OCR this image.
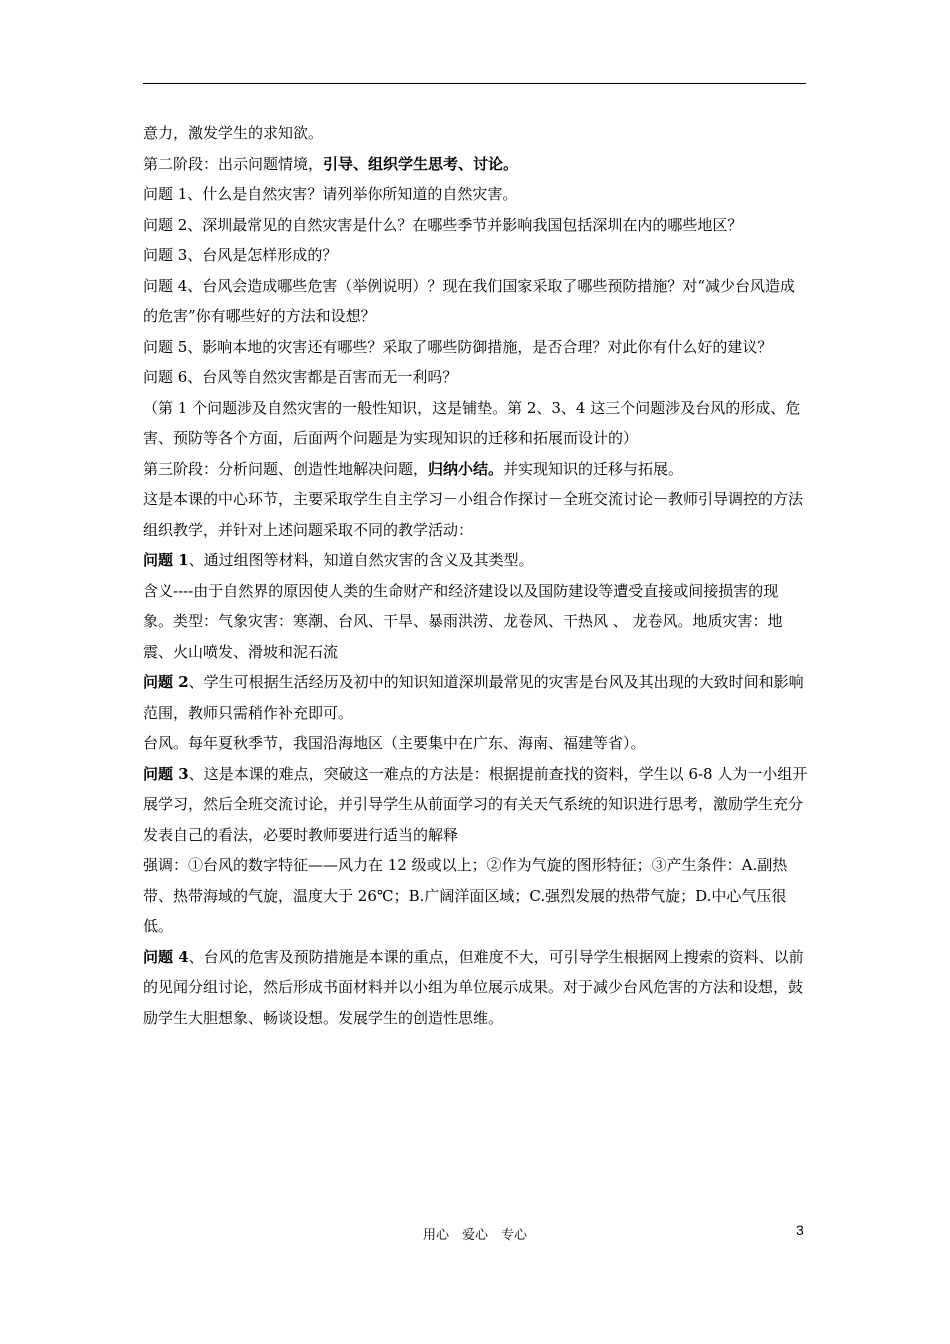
意力，激发学生的求知欲。

第二阶段：出示问题情境，引导、组织学生思考、讨论。

问题 1、什么是自然灾害？请列举你所知道的自然灾害。

问题 2、深圳最常见的自然灾害是什么？在哪些季节并影响我国包括深圳在内的哪些地区？

问题 3、台风是怎样形成的？

问题 4、台风会造成哪些危害（举例说明）？现在我们国家采取了哪些预防措施？对“减少台风造成的危害”你有哪些好的方法和设想？

问题 5、影响本地的灾害还有哪些？采取了哪些防御措施，是否合理？对此你有什么好的建议？

问题 6、台风等自然灾害都是百害而无一利吗？

（第 1 个问题涉及自然灾害的一般性知识，这是铺垫。第 2、3、4 这三个问题涉及台风的形成、危害、预防等各个方面，后面两个问题是为实现知识的迁移和拓展而设计的）

第三阶段：分析问题、创造性地解决问题，归纳小结。并实现知识的迁移与拓展。

这是本课的中心环节，主要采取学生自主学习－小组合作探讨－全班交流讨论－教师引导调控的方法组织教学，并针对上述问题采取不同的教学活动：

问题 1、通过组图等材料，知道自然灾害的含义及其类型。

含义----由于自然界的原因使人类的生命财产和经济建设以及国防建设等遭受直接或间接损害的现象。类型：气象灾害：寒潮、台风、干旱、暴雨洪涝、龙卷风、干热风 、 龙卷风。地质灾害：地震、火山喷发、滑坡和泥石流

问题 2、学生可根据生活经历及初中的知识知道深圳最常见的灾害是台风及其出现的大致时间和影响范围，教师只需稍作补充即可。

台风。每年夏秋季节，我国沿海地区（主要集中在广东、海南、福建等省）。

问题 3、这是本课的难点，突破这一难点的方法是：根据提前查找的资料，学生以 6-8 人为一小组开展学习，然后全班交流讨论，并引导学生从前面学习的有关天气系统的知识进行思考，激励学生充分发表自己的看法，必要时教师要进行适当的解释

强调：①台风的数字特征——风力在 12 级或以上；②作为气旋的图形特征；③产生条件：A.副热带、热带海域的气旋，温度大于 26℃；B.广阔洋面区域；C.强烈发展的热带气旋；D.中心气压很低。

问题 4、台风的危害及预防措施是本课的重点，但难度不大，可引导学生根据网上搜索的资料、以前的见闻分组讨论，然后形成书面材料并以小组为单位展示成果。对于减少台风危害的方法和设想，鼓励学生大胆想象、畅谈设想。发展学生的创造性思维。

用心　爱心　专心	3
